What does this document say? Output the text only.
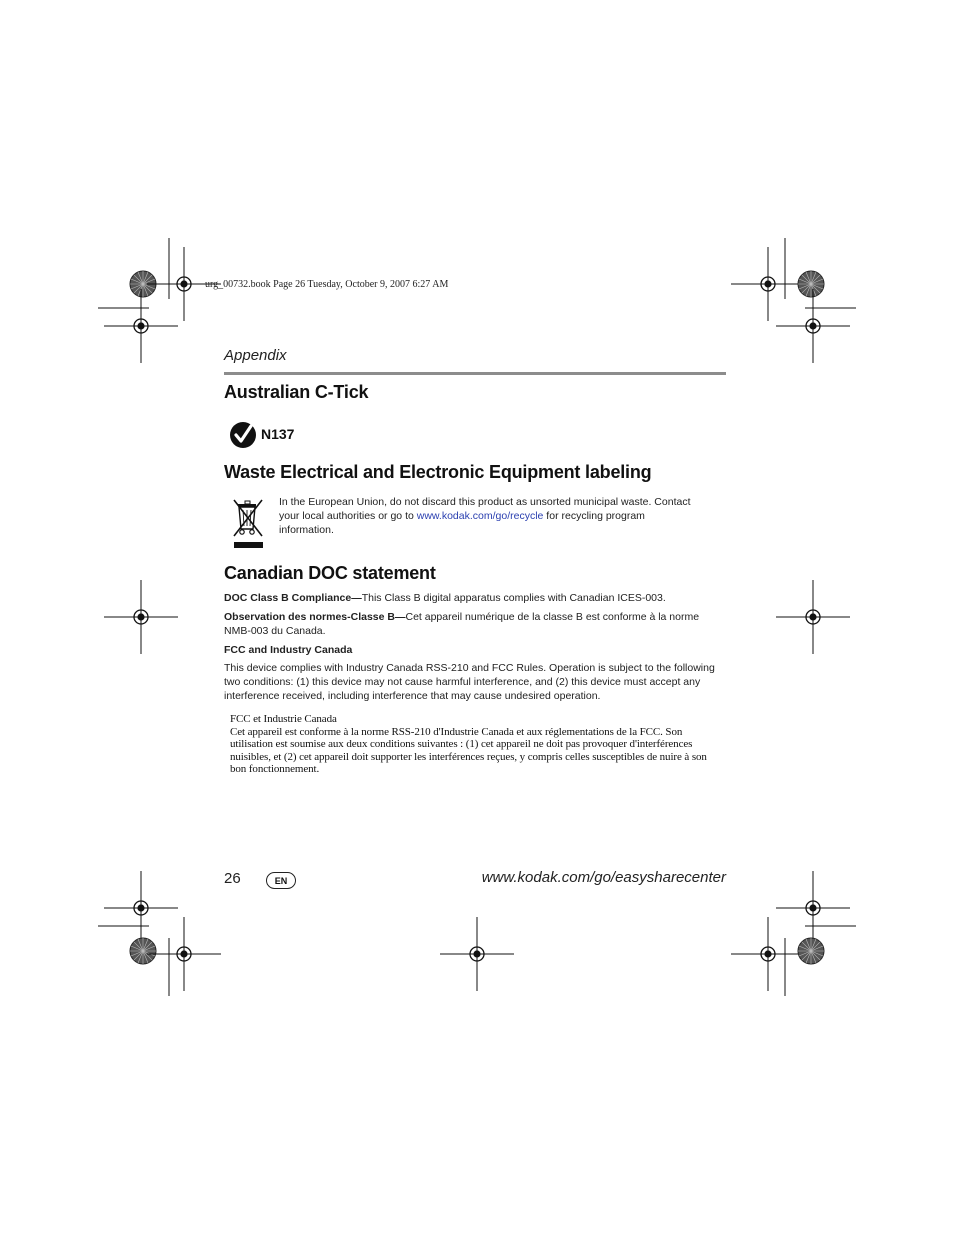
urg_00732.book Page 26 Tuesday, October 9, 2007 6:27 AM
Appendix
Australian C-Tick
N137
Waste Electrical and Electronic Equipment labeling
In the European Union, do not discard this product as unsorted municipal waste. Contact your local authorities or go to www.kodak.com/go/recycle for recycling program information.
Canadian DOC statement
DOC Class B Compliance—This Class B digital apparatus complies with Canadian ICES-003.
Observation des normes-Classe B—Cet appareil numérique de la classe B est conforme à la norme NMB-003 du Canada.
FCC and Industry Canada
This device complies with Industry Canada RSS-210 and FCC Rules. Operation is subject to the following two conditions: (1) this device may not cause harmful interference, and (2) this device must accept any interference received, including interference that may cause undesired operation.
FCC et Industrie Canada
Cet appareil est conforme à la norme RSS-210 d'Industrie Canada et aux réglementations de la FCC. Son utilisation est soumise aux deux conditions suivantes : (1) cet appareil ne doit pas provoquer d'interférences nuisibles, et (2) cet appareil doit supporter les interférences reçues, y compris celles susceptibles de nuire à son bon fonctionnement.
26	EN	www.kodak.com/go/easysharecenter
